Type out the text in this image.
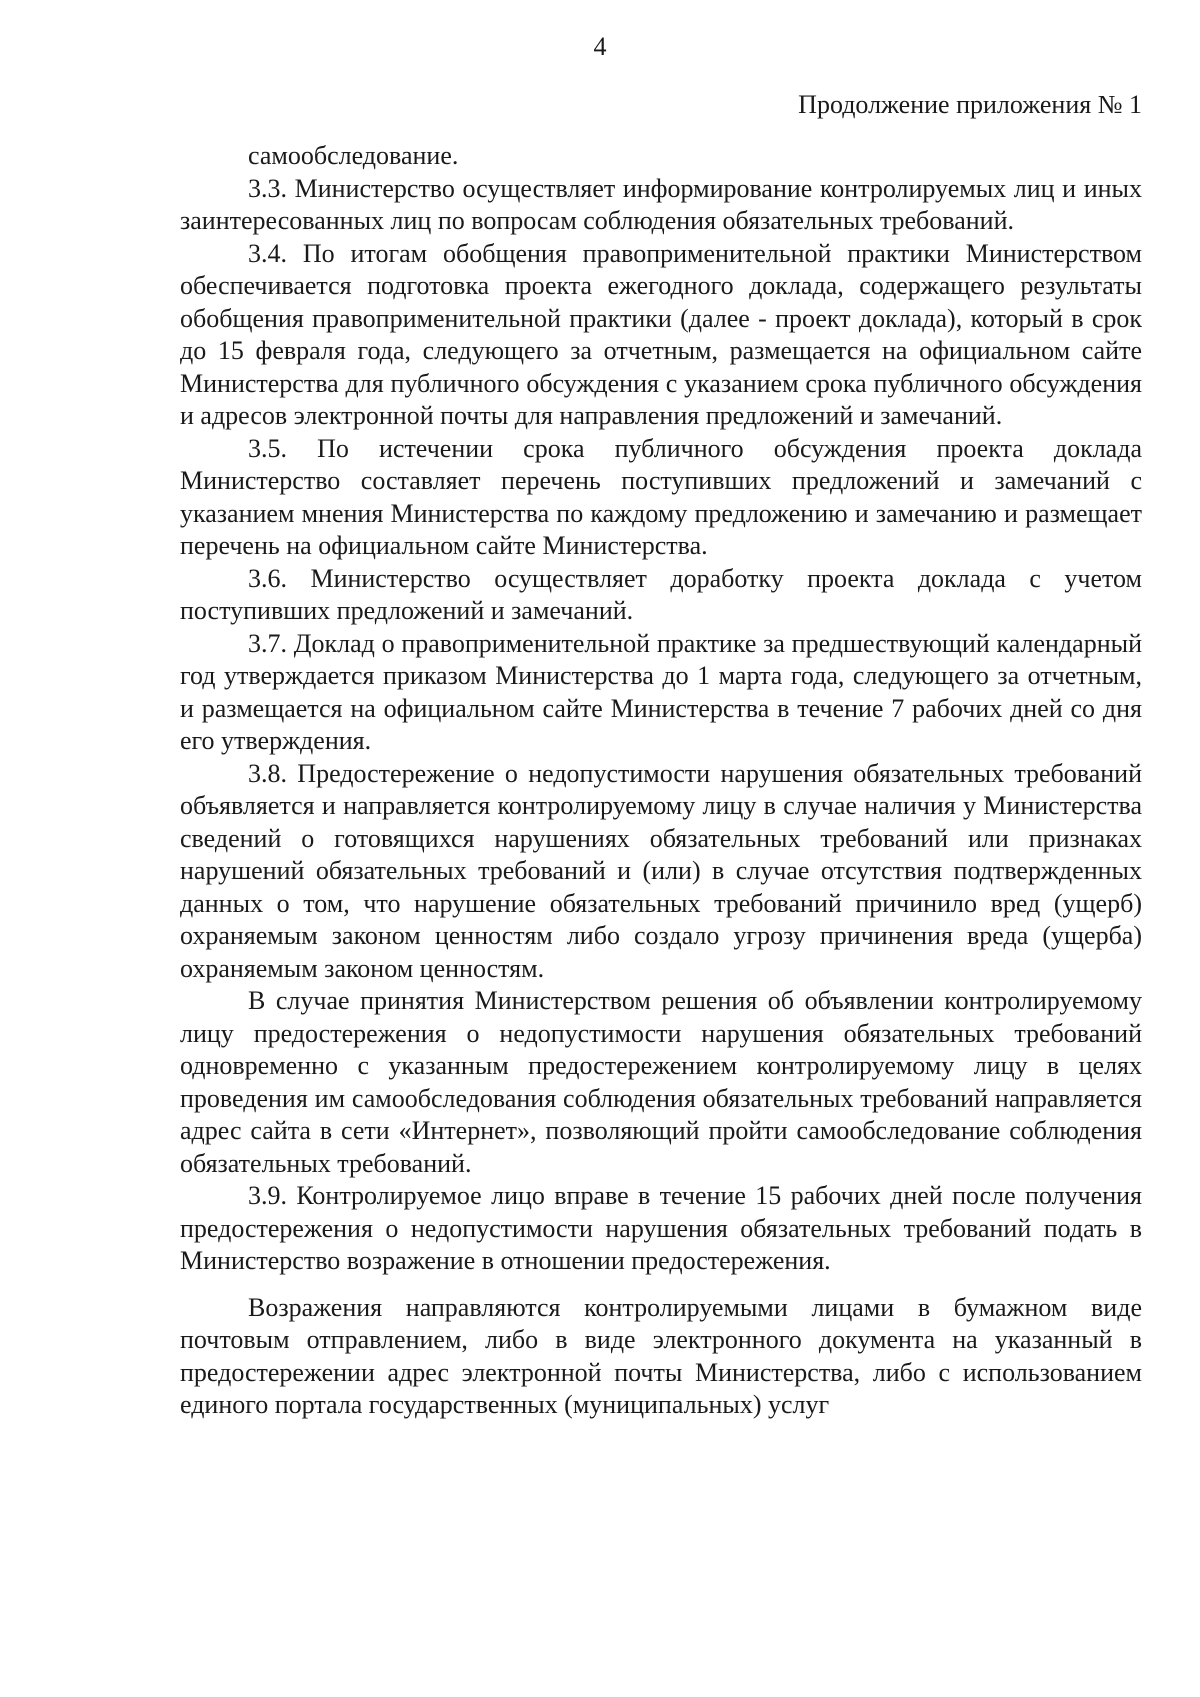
4
Продолжение приложения № 1

самообследование.

3.3. Министерство осуществляет информирование контролируемых лиц и иных заинтересованных лиц по вопросам соблюдения обязательных требований.

3.4. По итогам обобщения правоприменительной практики Министерством обеспечивается подготовка проекта ежегодного доклада, содержащего результаты обобщения правоприменительной практики (далее - проект доклада), который в срок до 15 февраля года, следующего за отчетным, размещается на официальном сайте Министерства для публичного обсуждения с указанием срока публичного обсуждения и адресов электронной почты для направления предложений и замечаний.

3.5. По истечении срока публичного обсуждения проекта доклада Министерство составляет перечень поступивших предложений и замечаний с указанием мнения Министерства по каждому предложению и замечанию и размещает перечень на официальном сайте Министерства.

3.6. Министерство осуществляет доработку проекта доклада с учетом поступивших предложений и замечаний.

3.7. Доклад о правоприменительной практике за предшествующий календарный год утверждается приказом Министерства до 1 марта года, следующего за отчетным, и размещается на официальном сайте Министерства в течение 7 рабочих дней со дня его утверждения.

3.8. Предостережение о недопустимости нарушения обязательных требований объявляется и направляется контролируемому лицу в случае наличия у Министерства сведений о готовящихся нарушениях обязательных требований или признаках нарушений обязательных требований и (или) в случае отсутствия подтвержденных данных о том, что нарушение обязательных требований причинило вред (ущерб) охраняемым законом ценностям либо создало угрозу причинения вреда (ущерба) охраняемым законом ценностям.

В случае принятия Министерством решения об объявлении контролируемому лицу предостережения о недопустимости нарушения обязательных требований одновременно с указанным предостережением контролируемому лицу в целях проведения им самообследования соблюдения обязательных требований направляется адрес сайта в сети «Интернет», позволяющий пройти самообследование соблюдения обязательных требований.

3.9. Контролируемое лицо вправе в течение 15 рабочих дней после получения предостережения о недопустимости нарушения обязательных требований подать в Министерство возражение в отношении предостережения.

Возражения направляются контролируемыми лицами в бумажном виде почтовым отправлением, либо в виде электронного документа на указанный в предостережении адрес электронной почты Министерства, либо с использованием единого портала государственных (муниципальных) услуг
